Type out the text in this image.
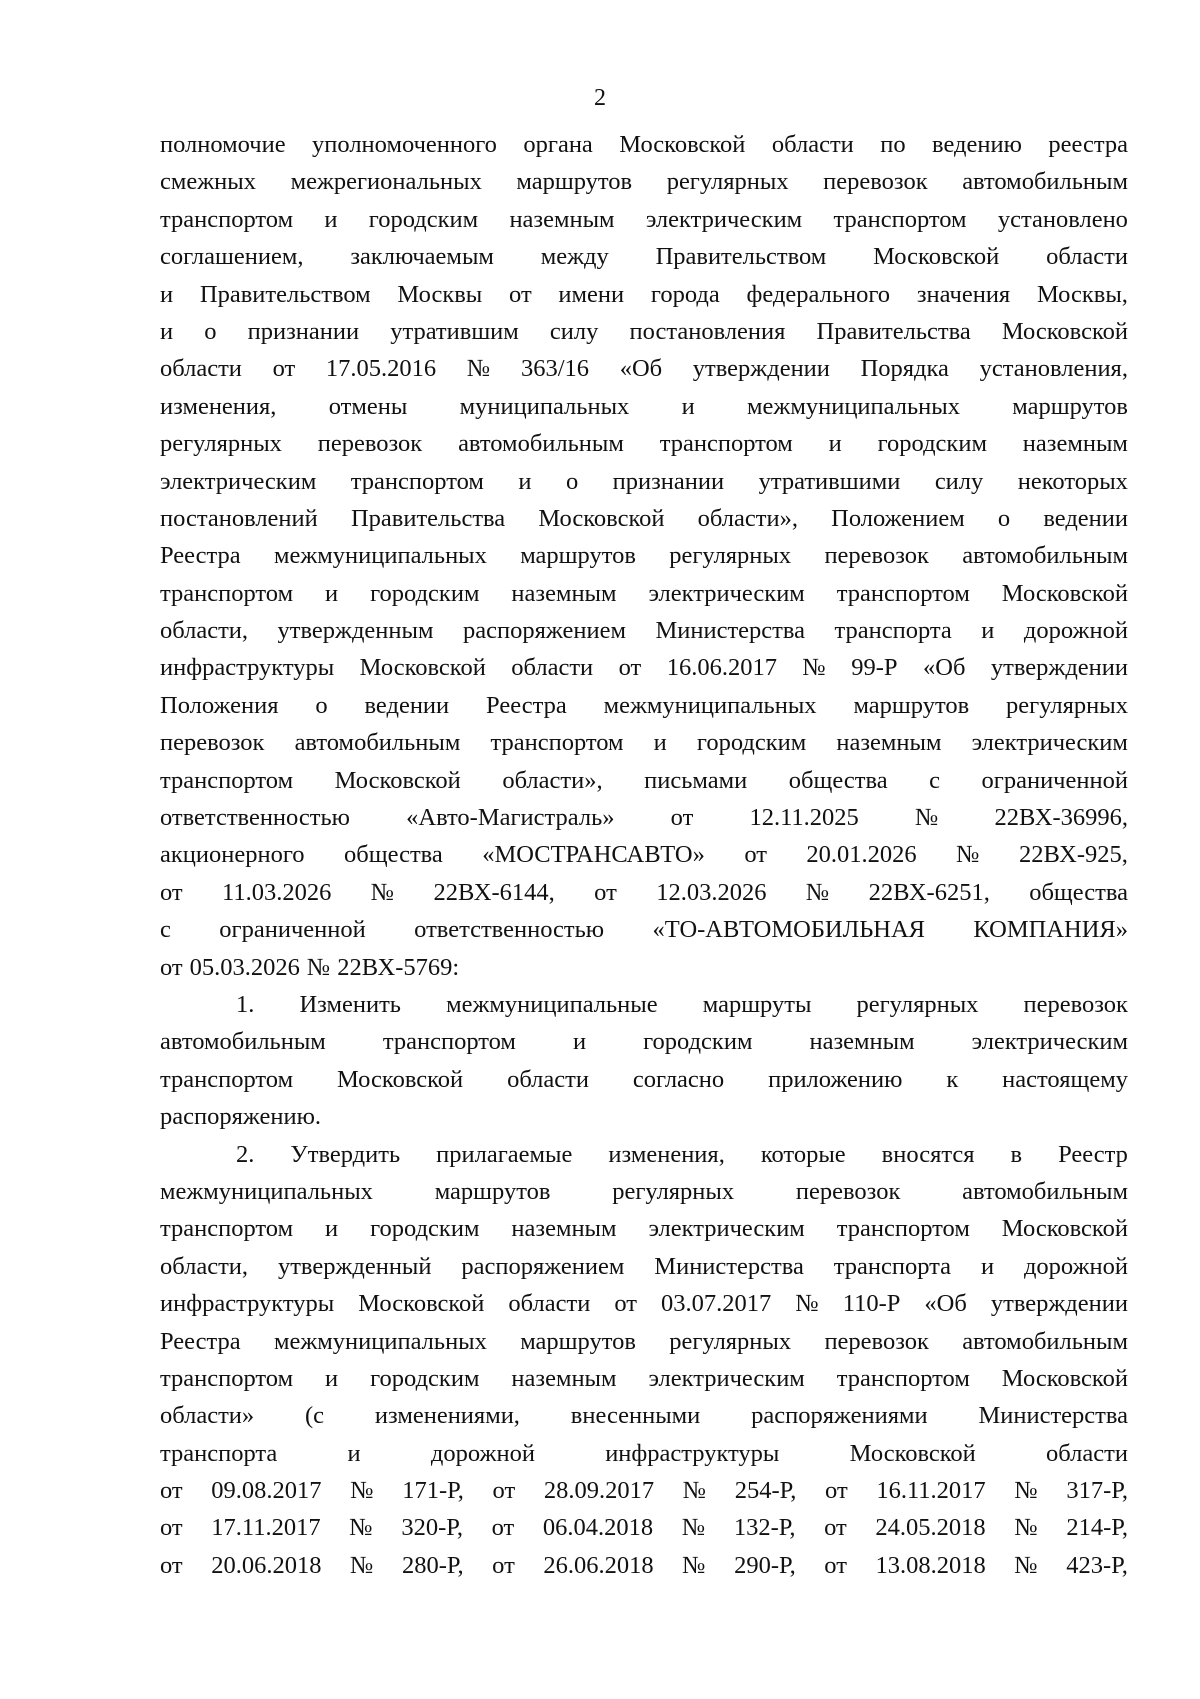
2
полномочие уполномоченного органа Московской области по ведению реестра
смежных межрегиональных маршрутов регулярных перевозок автомобильным
транспортом и городским наземным электрическим транспортом установлено
соглашением, заключаемым между Правительством Московской области
и Правительством Москвы от имени города федерального значения Москвы,
и о признании утратившим силу постановления Правительства Московской
области от 17.05.2016 № 363/16 «Об утверждении Порядка установления,
изменения, отмены муниципальных и межмуниципальных маршрутов
регулярных перевозок автомобильным транспортом и городским наземным
электрическим транспортом и о признании утратившими силу некоторых
постановлений Правительства Московской области», Положением о ведении
Реестра межмуниципальных маршрутов регулярных перевозок автомобильным
транспортом и городским наземным электрическим транспортом Московской
области, утвержденным распоряжением Министерства транспорта и дорожной
инфраструктуры Московской области от 16.06.2017 № 99-Р «Об утверждении
Положения о ведении Реестра межмуниципальных маршрутов регулярных
перевозок автомобильным транспортом и городским наземным электрическим
транспортом Московской области», письмами общества с ограниченной
ответственностью «Авто-Магистраль» от 12.11.2025 № 22ВХ-36996,
акционерного общества «МОСТРАНСАВТО» от 20.01.2026 № 22ВХ-925,
от 11.03.2026 № 22ВХ-6144, от 12.03.2026 № 22ВХ-6251, общества
с ограниченной ответственностью «ТО-АВТОМОБИЛЬНАЯ КОМПАНИЯ»
от 05.03.2026 № 22ВХ-5769:
1. Изменить межмуниципальные маршруты регулярных перевозок
автомобильным транспортом и городским наземным электрическим
транспортом Московской области согласно приложению к настоящему
распоряжению.
2. Утвердить прилагаемые изменения, которые вносятся в Реестр
межмуниципальных	маршрутов	регулярных	перевозок	автомобильным
транспортом и городским наземным электрическим транспортом Московской
области, утвержденный распоряжением Министерства транспорта и дорожной
инфраструктуры Московской области от 03.07.2017 № 110-Р «Об утверждении
Реестра межмуниципальных маршрутов регулярных перевозок автомобильным
транспортом и городским наземным электрическим транспортом Московской
области» (с изменениями, внесенными распоряжениями Министерства
транспорта	и	дорожной	инфраструктуры	Московской	области
от 09.08.2017 № 171-Р, от 28.09.2017 № 254-Р, от 16.11.2017 № 317-Р,
от 17.11.2017 № 320-Р, от 06.04.2018 № 132-Р, от 24.05.2018 № 214-Р,
от 20.06.2018 № 280-Р, от 26.06.2018 № 290-Р, от 13.08.2018 № 423-Р,
